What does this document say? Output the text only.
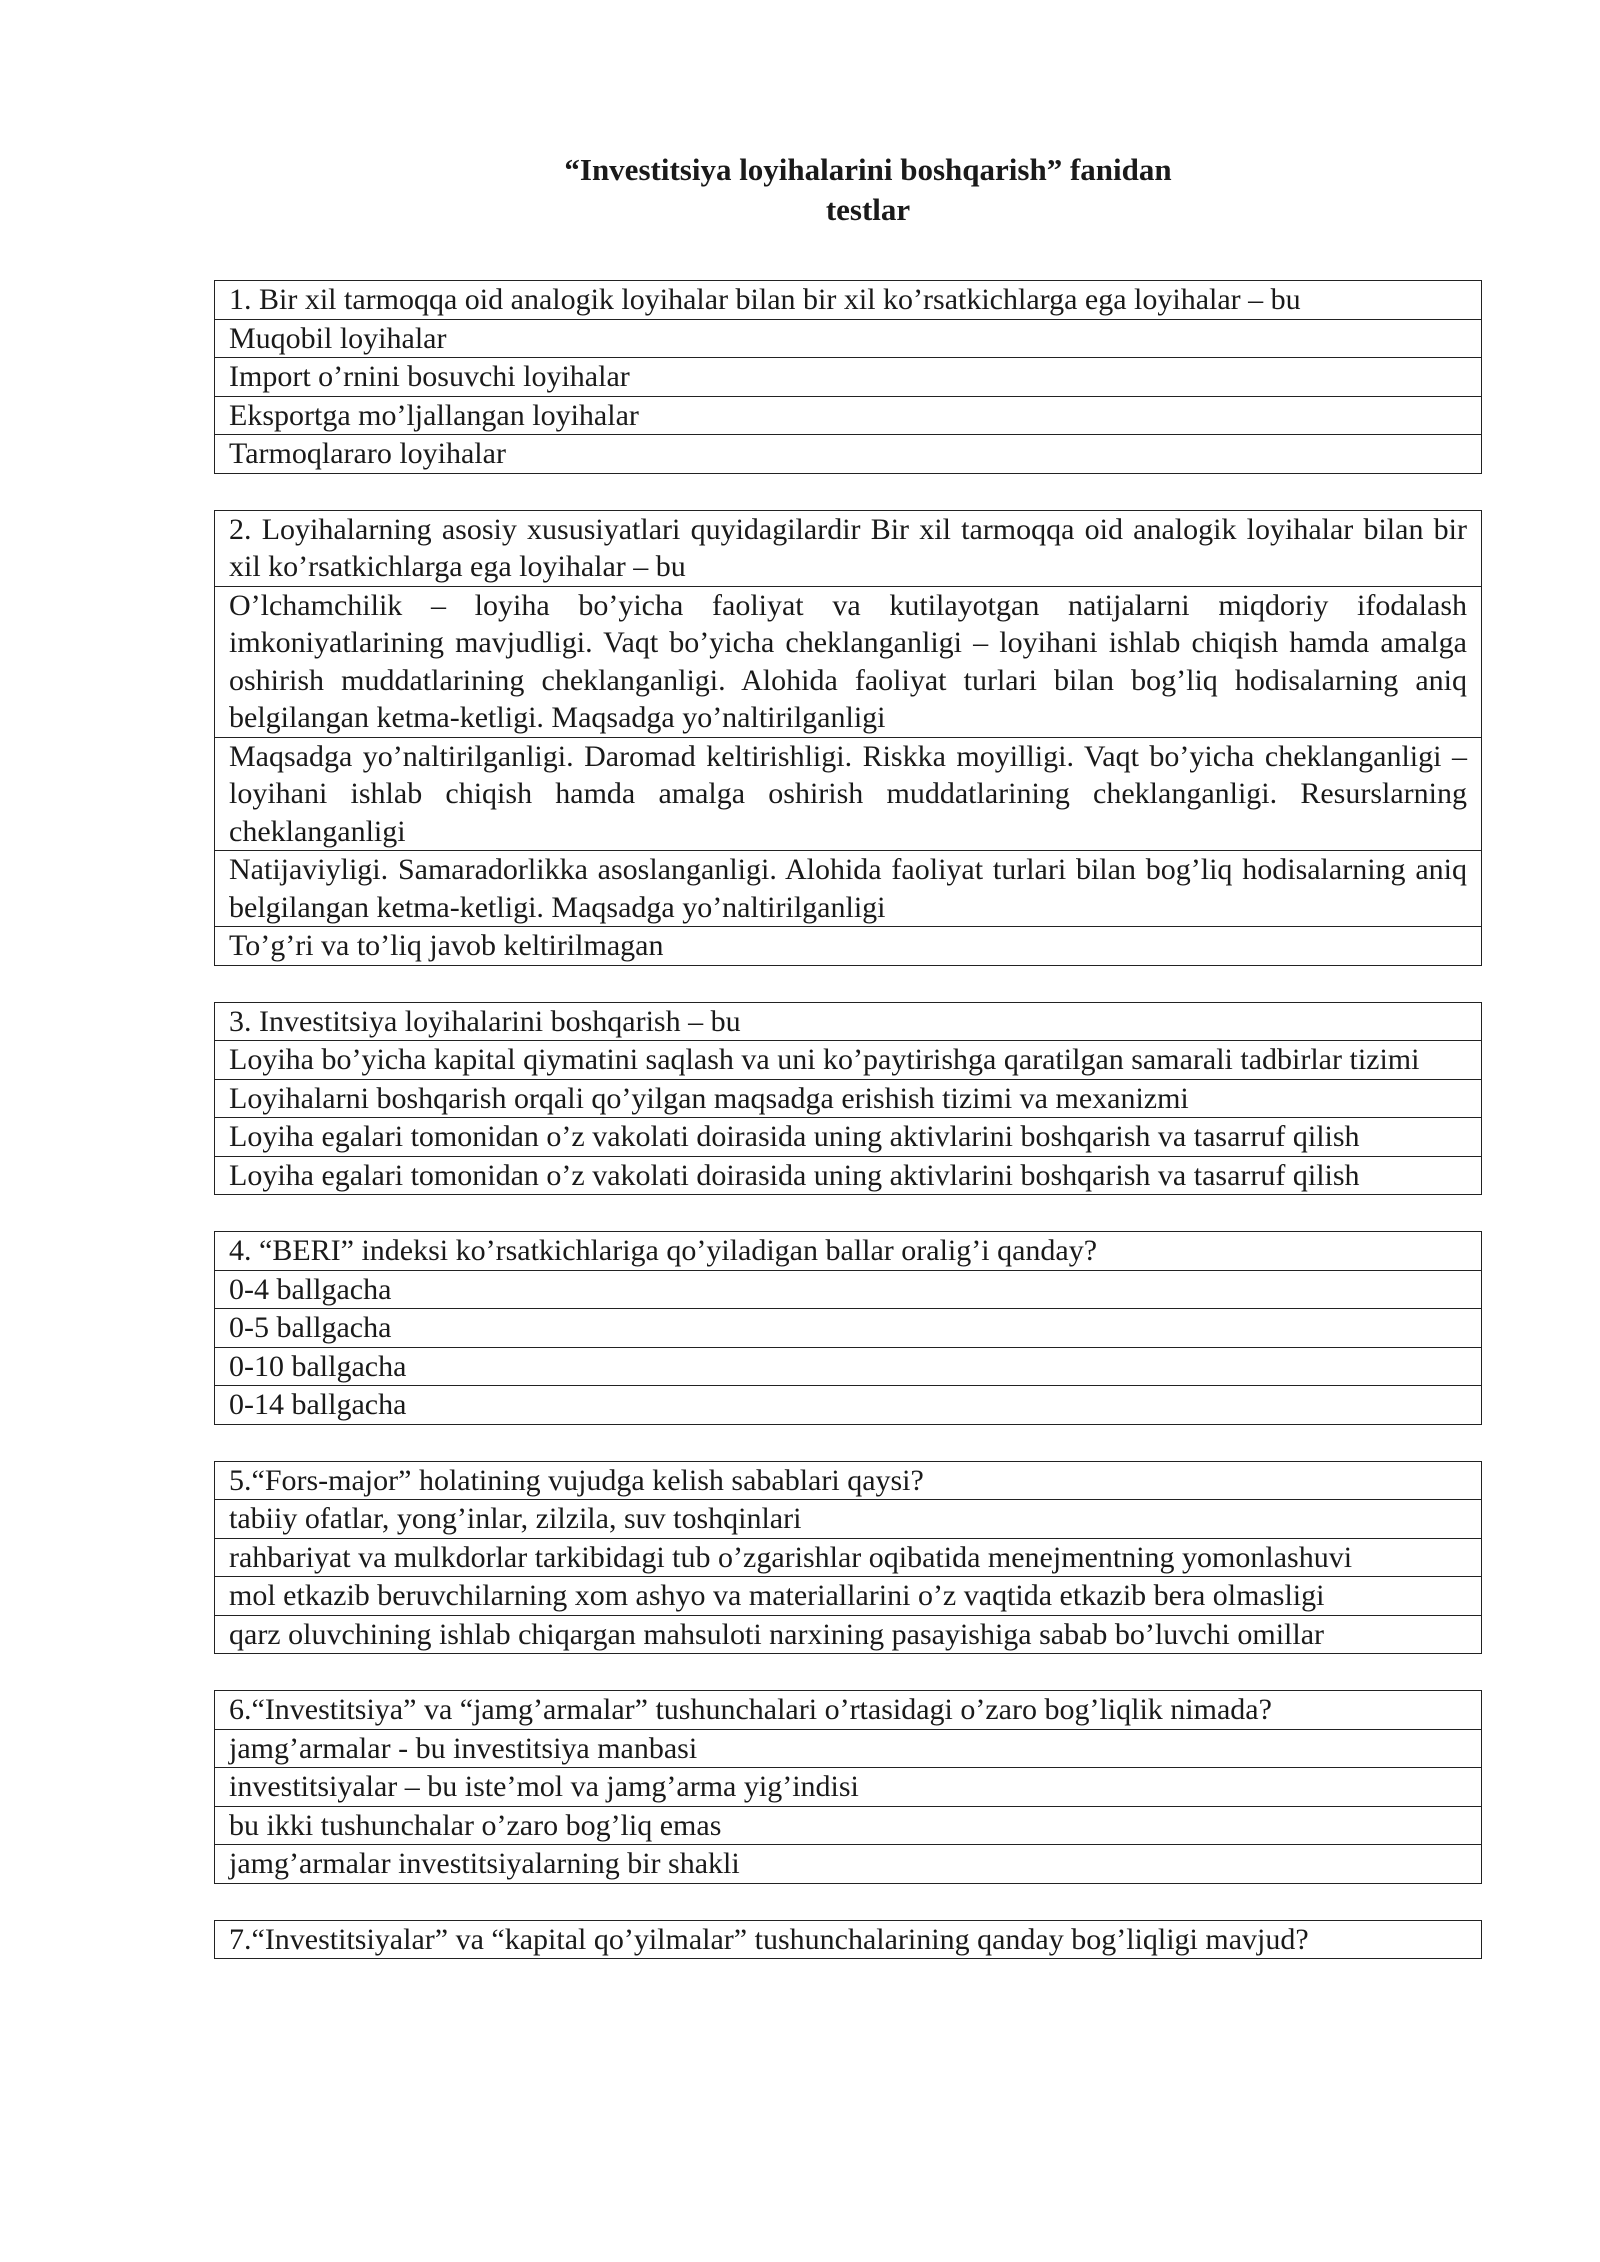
“Investitsiya loyihalarini boshqarish” fanidan
testlar
1. Bir xil tarmoqqa oid analogik loyihalar bilan bir xil ko’rsatkichlarga ega loyihalar – bu
Muqobil loyihalar
Import o’rnini bosuvchi loyihalar
Eksportga mo’ljallangan loyihalar
Tarmoqlararo loyihalar
2. Loyihalarning asosiy xususiyatlari quyidagilardir Bir xil tarmoqqa oid analogik loyihalar bilan bir xil ko’rsatkichlarga ega loyihalar – bu
O’lchamchilik – loyiha bo’yicha faoliyat va kutilayotgan natijalarni miqdoriy ifodalash imkoniyatlarining mavjudligi. Vaqt bo’yicha cheklanganligi – loyihani ishlab chiqish hamda amalga oshirish muddatlarining cheklanganligi. Alohida faoliyat turlari bilan bog’liq hodisalarning aniq belgilangan ketma-ketligi. Maqsadga yo’naltirilganligi
Maqsadga yo’naltirilganligi. Daromad keltirishligi. Riskka moyilligi. Vaqt bo’yicha cheklanganligi – loyihani ishlab chiqish hamda amalga oshirish muddatlarining cheklanganligi. Resurslarning cheklanganligi
Natijaviyligi. Samaradorlikka asoslanganligi. Alohida faoliyat turlari bilan bog’liq hodisalarning aniq belgilangan ketma-ketligi. Maqsadga yo’naltirilganligi
To’g’ri va to’liq javob keltirilmagan
3. Investitsiya loyihalarini boshqarish – bu
Loyiha bo’yicha kapital qiymatini saqlash va uni ko’paytirishga qaratilgan samarali tadbirlar tizimi
Loyihalarni boshqarish orqali qo’yilgan maqsadga erishish tizimi va mexanizmi
Loyiha egalari tomonidan o’z vakolati doirasida uning aktivlarini boshqarish va tasarruf qilish
Loyiha egalari tomonidan o’z vakolati doirasida uning aktivlarini boshqarish va tasarruf qilish
4. “BERI” indeksi ko’rsatkichlariga qo’yiladigan ballar oralig’i qanday?
0-4 ballgacha
0-5 ballgacha
0-10 ballgacha
0-14 ballgacha
5.“Fors-major” holatining vujudga kelish sabablari qaysi?
tabiiy ofatlar, yong’inlar, zilzila, suv toshqinlari
rahbariyat va mulkdorlar tarkibidagi tub o’zgarishlar oqibatida menejmentning yomonlashuvi
mol etkazib beruvchilarning xom ashyo va materiallarini o’z vaqtida etkazib bera olmasligi
qarz oluvchining ishlab chiqargan mahsuloti narxining pasayishiga sabab bo’luvchi omillar
6.“Investitsiya” va “jamg’armalar” tushunchalari o’rtasidagi o’zaro bog’liqlik nimada?
jamg’armalar - bu investitsiya manbasi
investitsiyalar – bu iste’mol va jamg’arma yig’indisi
bu ikki tushunchalar o’zaro bog’liq emas
jamg’armalar investitsiyalarning bir shakli
7.“Investitsiyalar” va “kapital qo’yilmalar” tushunchalarining qanday bog’liqligi mavjud?
